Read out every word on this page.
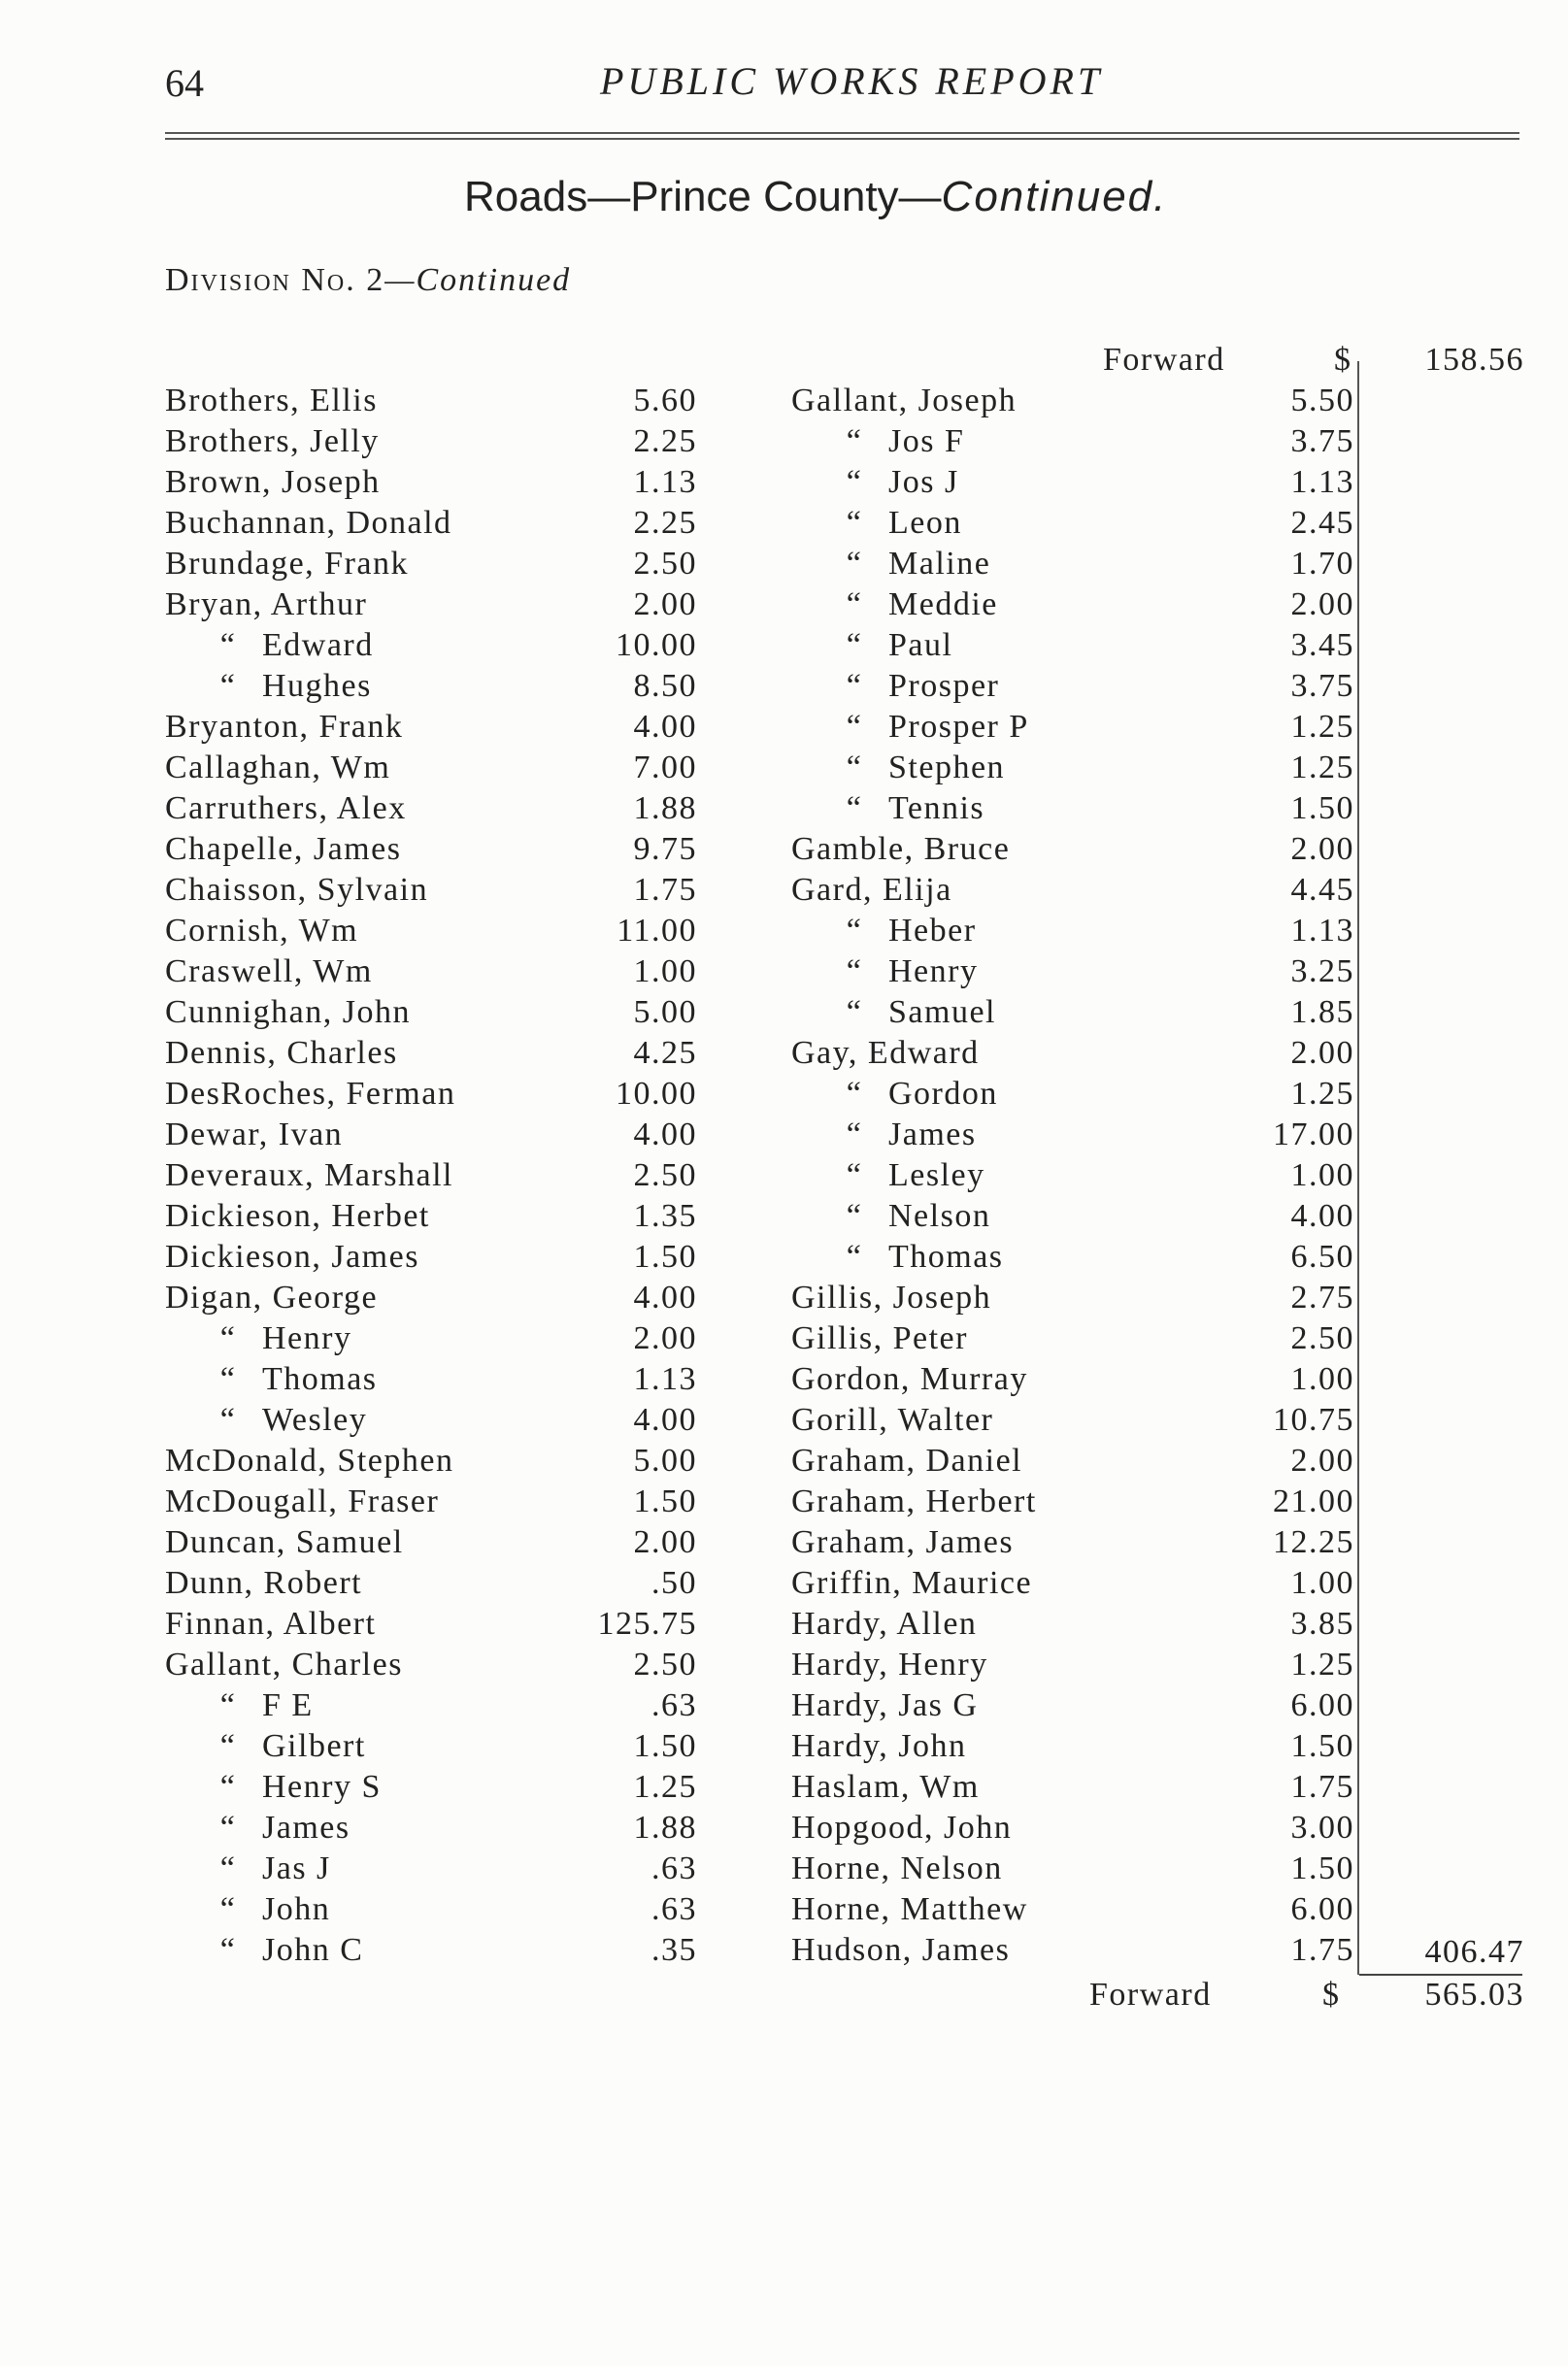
64	PUBLIC WORKS REPORT
Roads—Prince County—Continued.
Division No. 2—Continued
Forward	$	158.56
Brothers, Ellis	5.60
Brothers, Jelly	2.25
Brown, Joseph	1.13
Buchannan, Donald	2.25
Brundage, Frank	2.50
Bryan, Arthur	2.00
“ Edward	10.00
“ Hughes	8.50
Bryanton, Frank	4.00
Callaghan, Wm	7.00
Carruthers, Alex	1.88
Chapelle, James	9.75
Chaisson, Sylvain	1.75
Cornish, Wm	11.00
Craswell, Wm	1.00
Cunnighan, John	5.00
Dennis, Charles	4.25
DesRoches, Ferman	10.00
Dewar, Ivan	4.00
Deveraux, Marshall	2.50
Dickieson, Herbet	1.35
Dickieson, James	1.50
Digan, George	4.00
“ Henry	2.00
“ Thomas	1.13
“ Wesley	4.00
McDonald, Stephen	5.00
McDougall, Fraser	1.50
Duncan, Samuel	2.00
Dunn, Robert	.50
Finnan, Albert	125.75
Gallant, Charles	2.50
“ F E	.63
“ Gilbert	1.50
“ Henry S	1.25
“ James	1.88
“ Jas J	.63
“ John	.63
“ John C	.35
Gallant, Joseph	5.50
“ Jos F	3.75
“ Jos J	1.13
“ Leon	2.45
“ Maline	1.70
“ Meddie	2.00
“ Paul	3.45
“ Prosper	3.75
“ Prosper P	1.25
“ Stephen	1.25
“ Tennis	1.50
Gamble, Bruce	2.00
Gard, Elija	4.45
“ Heber	1.13
“ Henry	3.25
“ Samuel	1.85
Gay, Edward	2.00
“ Gordon	1.25
“ James	17.00
“ Lesley	1.00
“ Nelson	4.00
“ Thomas	6.50
Gillis, Joseph	2.75
Gillis, Peter	2.50
Gordon, Murray	1.00
Gorill, Walter	10.75
Graham, Daniel	2.00
Graham, Herbert	21.00
Graham, James	12.25
Griffin, Maurice	1.00
Hardy, Allen	3.85
Hardy, Henry	1.25
Hardy, Jas G	6.00
Hardy, John	1.50
Haslam, Wm	1.75
Hopgood, John	3.00
Horne, Nelson	1.50
Horne, Matthew	6.00
Hudson, James	1.75	406.47
Forward	$	565.03
